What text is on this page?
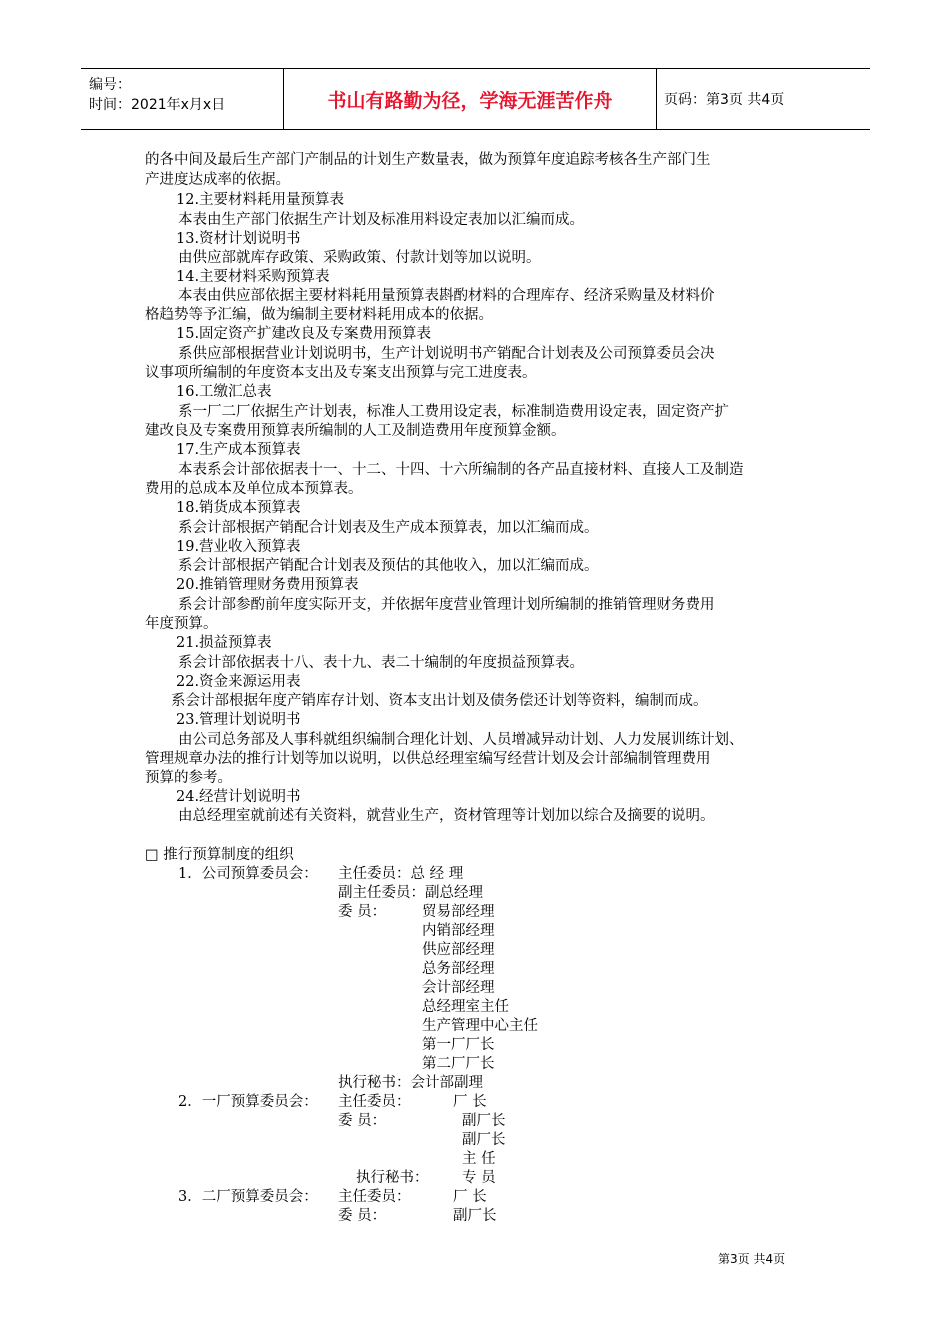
编号：
时间：2021年x月x日	书山有路勤为径，学海无涯苦作舟	页码：第3页 共4页
的各中间及最后生产部门产制品的计划生产数量表，做为预算年度追踪考核各生产部门生
产进度达成率的依据。
12.主要材料耗用量预算表
本表由生产部门依据生产计划及标准用料设定表加以汇编而成。
13.资材计划说明书
由供应部就库存政策、采购政策、付款计划等加以说明。
14.主要材料采购预算表
本表由供应部依据主要材料耗用量预算表斟酌材料的合理库存、经济采购量及材料价
格趋势等予汇编，做为编制主要材料耗用成本的依据。
15.固定资产扩建改良及专案费用预算表
系供应部根据营业计划说明书，生产计划说明书产销配合计划表及公司预算委员会决
议事项所编制的年度资本支出及专案支出预算与完工进度表。
16.工缴汇总表
系一厂二厂依据生产计划表，标准人工费用设定表，标准制造费用设定表，固定资产扩
建改良及专案费用预算表所编制的人工及制造费用年度预算金额。
17.生产成本预算表
本表系会计部依据表十一、十二、十四、十六所编制的各产品直接材料、直接人工及制造
费用的总成本及单位成本预算表。
18.销货成本预算表
系会计部根据产销配合计划表及生产成本预算表，加以汇编而成。
19.营业收入预算表
系会计部根据产销配合计划表及预估的其他收入，加以汇编而成。
20.推销管理财务费用预算表
系会计部参酌前年度实际开支，并依据年度营业管理计划所编制的推销管理财务费用
年度预算。
21.损益预算表
系会计部依据表十八、表十九、表二十编制的年度损益预算表。
22.资金来源运用表
系会计部根据年度产销库存计划、资本支出计划及债务偿还计划等资料，编制而成。
23.管理计划说明书
由公司总务部及人事科就组织编制合理化计划、人员增减异动计划、人力发展训练计划、
管理规章办法的推行计划等加以说明，以供总经理室编写经营计划及会计部编制管理费用
预算的参考。
24.经营计划说明书
由总经理室就前述有关资料，就营业生产，资材管理等计划加以综合及摘要的说明。
□ 推行预算制度的组织
1．公司预算委员会： 主任委员：总 经 理
副主任委员：副总经理
委 员： 贸易部经理
内销部经理
供应部经理
总务部经理
会计部经理
总经理室主任
生产管理中心主任
第一厂厂长
第二厂厂长
执行秘书：会计部副理
2．一厂预算委员会： 主任委员：	厂 长
委 员：	副厂长
副厂长
主 任
执行秘书： 专 员
3．二厂预算委员会： 主任委员：	厂 长
委 员：	副厂长
第3页 共4页
